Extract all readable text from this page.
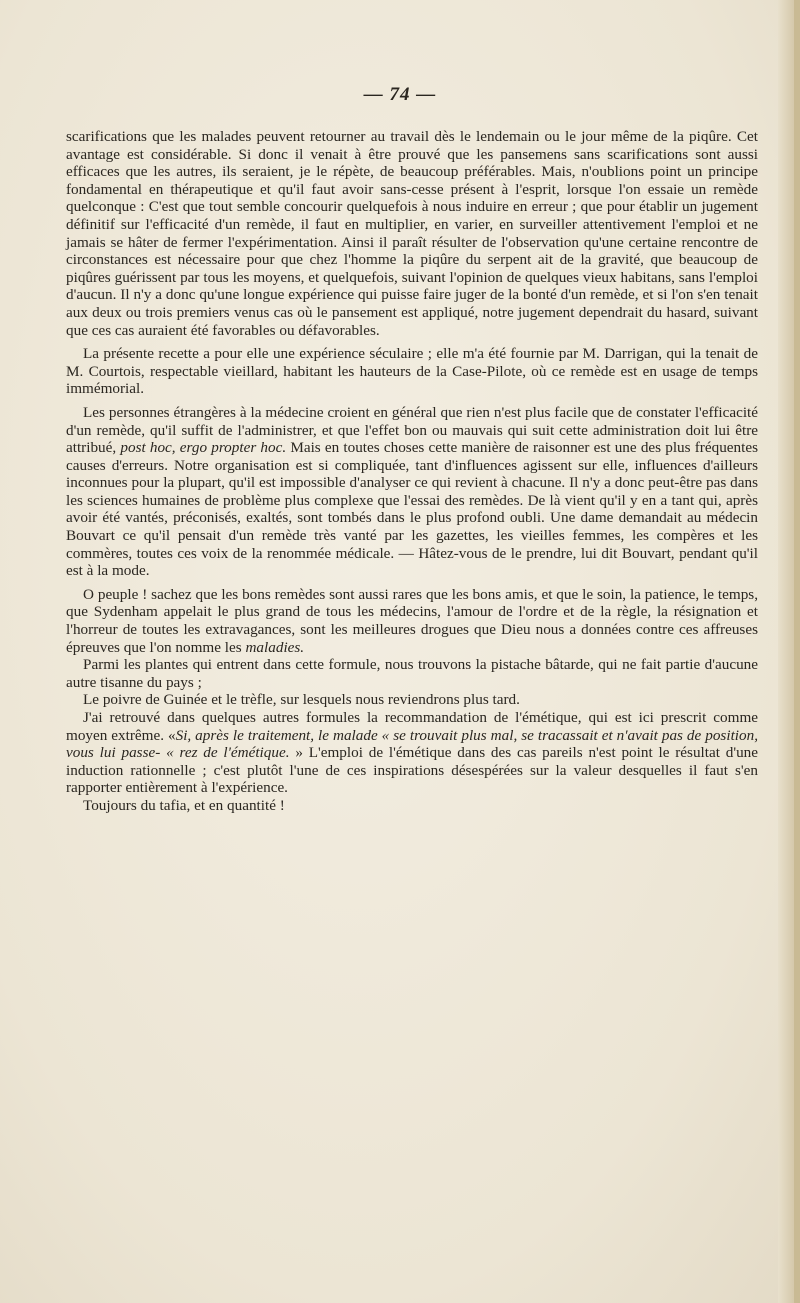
— 74 —

scarifications que les malades peuvent retourner au travail dès le lendemain ou le jour même de la piqûre. Cet avantage est considérable. Si donc il venait à être prouvé que les pansemens sans scarifications sont aussi efficaces que les autres, ils seraient, je le répète, de beaucoup préférables. Mais, n'oublions point un principe fondamental en thérapeutique et qu'il faut avoir sans-cesse présent à l'esprit, lorsque l'on essaie un remède quelconque : C'est que tout semble concourir quelquefois à nous induire en erreur ; que pour établir un jugement définitif sur l'efficacité d'un remède, il faut en multiplier, en varier, en surveiller attentivement l'emploi et ne jamais se hâter de fermer l'expérimentation. Ainsi il paraît résulter de l'observation qu'une certaine rencontre de circonstances est nécessaire pour que chez l'homme la piqûre du serpent ait de la gravité, que beaucoup de piqûres guérissent par tous les moyens, et quelquefois, suivant l'opinion de quelques vieux habitans, sans l'emploi d'aucun. Il n'y a donc qu'une longue expérience qui puisse faire juger de la bonté d'un remède, et si l'on s'en tenait aux deux ou trois premiers venus cas où le pansement est appliqué, notre jugement dependrait du hasard, suivant que ces cas auraient été favorables ou défavorables.

La présente recette a pour elle une expérience séculaire ; elle m'a été fournie par M. Darrigan, qui la tenait de M. Courtois, respectable vieillard, habitant les hauteurs de la Case-Pilote, où ce remède est en usage de temps immémorial.

Les personnes étrangères à la médecine croient en général que rien n'est plus facile que de constater l'efficacité d'un remède, qu'il suffit de l'administrer, et que l'effet bon ou mauvais qui suit cette administration doit lui être attribué, post hoc, ergo propter hoc. Mais en toutes choses cette manière de raisonner est une des plus fréquentes causes d'erreurs. Notre organisation est si compliquée, tant d'influences agissent sur elle, influences d'ailleurs inconnues pour la plupart, qu'il est impossible d'analyser ce qui revient à chacune. Il n'y a donc peut-être pas dans les sciences humaines de problème plus complexe que l'essai des remèdes. De là vient qu'il y en a tant qui, après avoir été vantés, préconisés, exaltés, sont tombés dans le plus profond oubli. Une dame demandait au médecin Bouvart ce qu'il pensait d'un remède très vanté par les gazettes, les vieilles femmes, les compères et les commères, toutes ces voix de la renommée médicale. — Hâtez-vous de le prendre, lui dit Bouvart, pendant qu'il est à la mode.

O peuple ! sachez que les bons remèdes sont aussi rares que les bons amis, et que le soin, la patience, le temps, que Sydenham appelait le plus grand de tous les médecins, l'amour de l'ordre et de la règle, la résignation et l'horreur de toutes les extravagances, sont les meilleures drogues que Dieu nous a données contre ces affreuses épreuves que l'on nomme les maladies.

Parmi les plantes qui entrent dans cette formule, nous trouvons la pistache bâtarde, qui ne fait partie d'aucune autre tisanne du pays ;

Le poivre de Guinée et le trèfle, sur lesquels nous reviendrons plus tard.

J'ai retrouvé dans quelques autres formules la recommandation de l'émétique, qui est ici prescrit comme moyen extrême. «Si, après le traitement, le malade « se trouvait plus mal, se tracassait et n'avait pas de position, vous lui passe- « rez de l'émétique. » L'emploi de l'émétique dans des cas pareils n'est point le résultat d'une induction rationnelle ; c'est plutôt l'une de ces inspirations désespérées sur la valeur desquelles il faut s'en rapporter entièrement à l'expérience.

Toujours du tafia, et en quantité !
